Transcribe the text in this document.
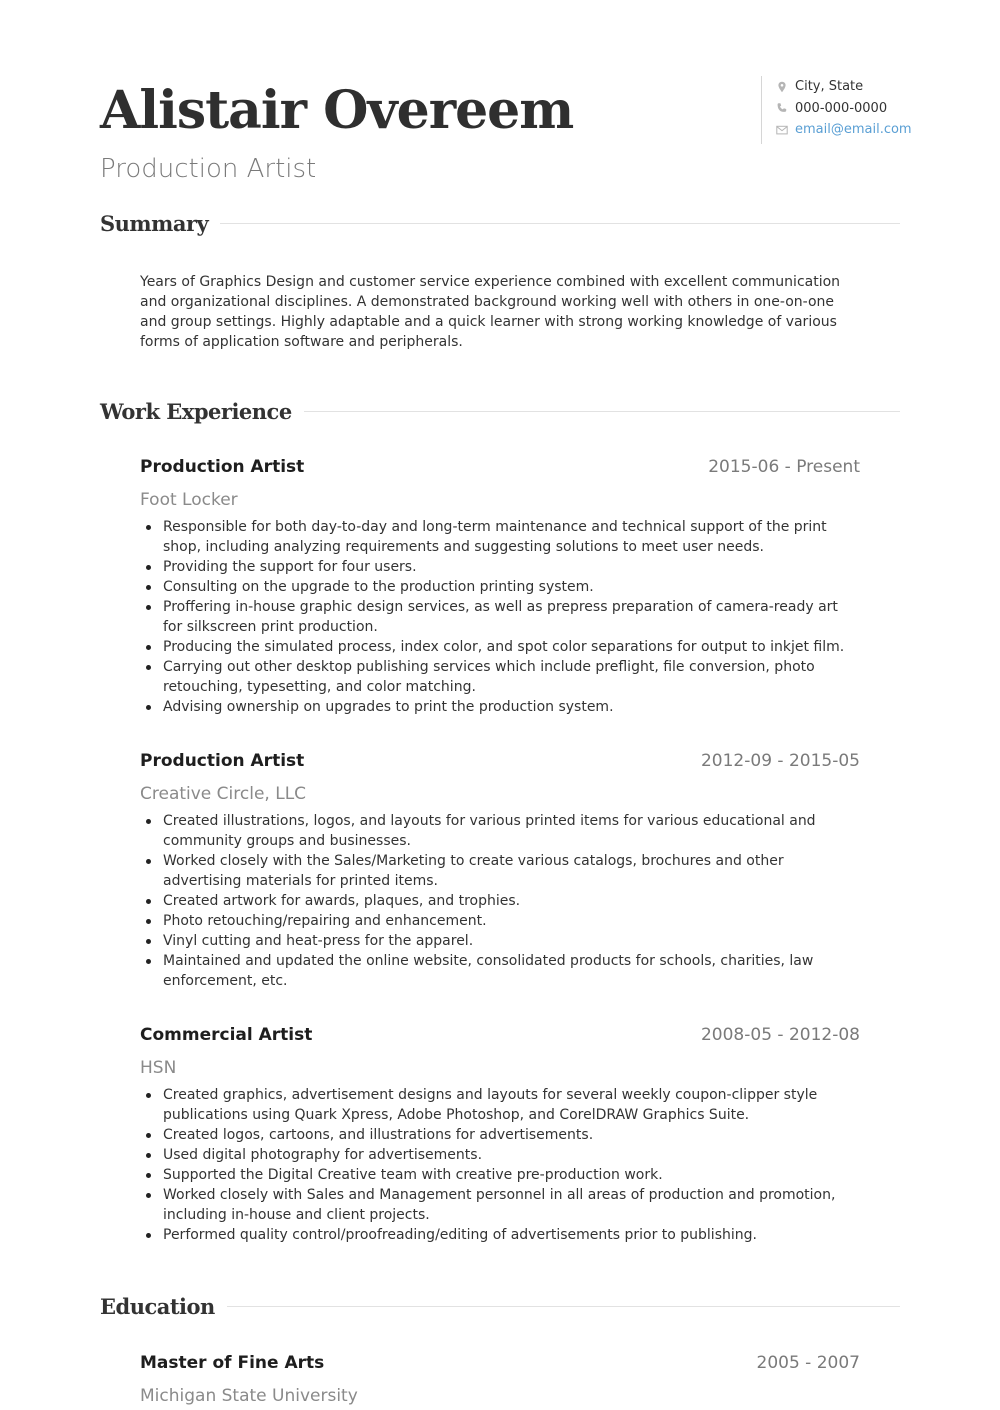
Alistair Overeem
Production Artist
City, State
000-000-0000
email@email.com
Summary
Years of Graphics Design and customer service experience combined with excellent communication and organizational disciplines. A demonstrated background working well with others in one-on-one and group settings. Highly adaptable and a quick learner with strong working knowledge of various forms of application software and peripherals.
Work Experience
Production Artist	2015-06 - Present
Foot Locker
Responsible for both day-to-day and long-term maintenance and technical support of the print shop, including analyzing requirements and suggesting solutions to meet user needs.
Providing the support for four users.
Consulting on the upgrade to the production printing system.
Proffering in-house graphic design services, as well as prepress preparation of camera-ready art for silkscreen print production.
Producing the simulated process, index color, and spot color separations for output to inkjet film.
Carrying out other desktop publishing services which include preflight, file conversion, photo retouching, typesetting, and color matching.
Advising ownership on upgrades to print the production system.
Production Artist	2012-09 - 2015-05
Creative Circle, LLC
Created illustrations, logos, and layouts for various printed items for various educational and community groups and businesses.
Worked closely with the Sales/Marketing to create various catalogs, brochures and other advertising materials for printed items.
Created artwork for awards, plaques, and trophies.
Photo retouching/repairing and enhancement.
Vinyl cutting and heat-press for the apparel.
Maintained and updated the online website, consolidated products for schools, charities, law enforcement, etc.
Commercial Artist	2008-05 - 2012-08
HSN
Created graphics, advertisement designs and layouts for several weekly coupon-clipper style publications using Quark Xpress, Adobe Photoshop, and CorelDRAW Graphics Suite.
Created logos, cartoons, and illustrations for advertisements.
Used digital photography for advertisements.
Supported the Digital Creative team with creative pre-production work.
Worked closely with Sales and Management personnel in all areas of production and promotion, including in-house and client projects.
Performed quality control/proofreading/editing of advertisements prior to publishing.
Education
Master of Fine Arts	2005 - 2007
Michigan State University
